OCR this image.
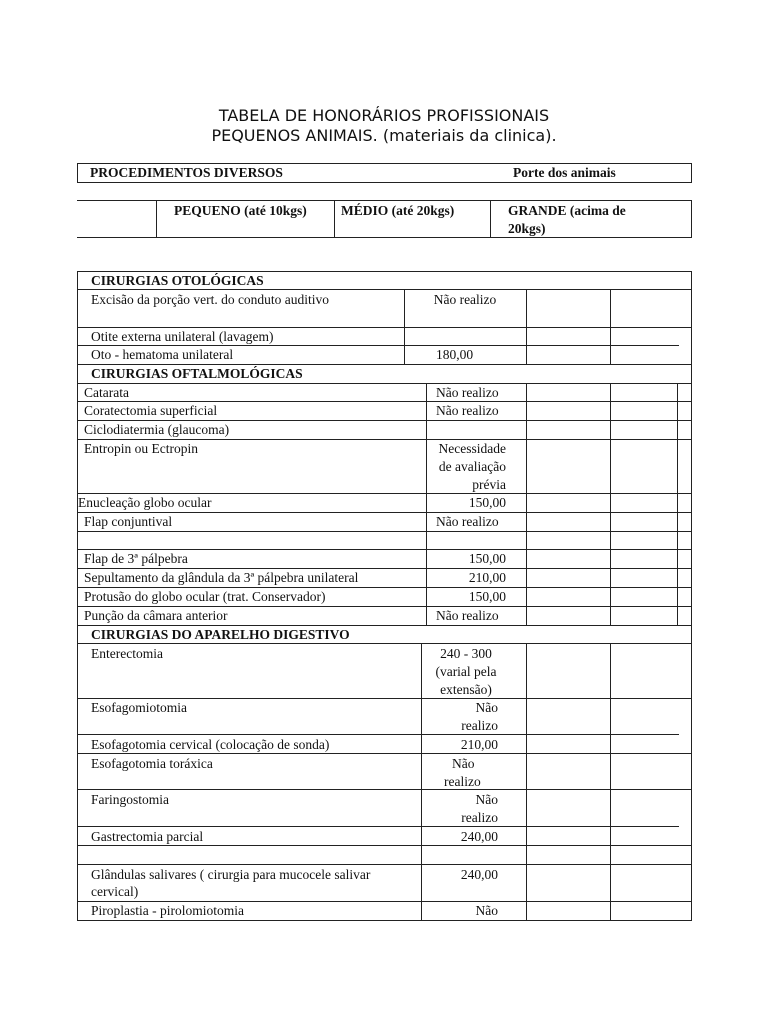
TABELA DE HONORÁRIOS PROFISSIONAIS
PEQUENOS ANIMAIS. (materiais da clinica).
PROCEDIMENTOS DIVERSOS	Porte dos animais
PEQUENO (até 10kgs)	MÉDIO (até 20kgs)	GRANDE (acima de 20kgs)
CIRURGIAS OTOLÓGICAS
Excisão da porção vert. do conduto auditivo	Não realizo
Otite externa unilateral (lavagem)
Oto - hematoma unilateral	180,00
CIRURGIAS OFTALMOLÓGICAS
Catarata	Não realizo
Coratectomia superficial	Não realizo
Ciclodiatermia (glaucoma)
Entropin ou Ectropin	Necessidade
de avaliação
prévia
Enucleação globo ocular	150,00
Flap conjuntival	Não realizo
Flap de 3ª pálpebra	150,00
Sepultamento da glândula da 3ª pálpebra unilateral	210,00
Protusão do globo ocular (trat. Conservador)	150,00
Punção da câmara anterior	Não realizo
CIRURGIAS DO APARELHO DIGESTIVO
Enterectomia	240 - 300
(varial pela
extensão)
Esofagomiotomia	Não
realizo
Esofagotomia cervical (colocação de sonda)	210,00
Esofagotomia toráxica	Não
realizo
Faringostomia	Não
realizo
Gastrectomia parcial	240,00
Glândulas salivares ( cirurgia para mucocele salivar
cervical)
240,00
Piroplastia - pirolomiotomia	Não
